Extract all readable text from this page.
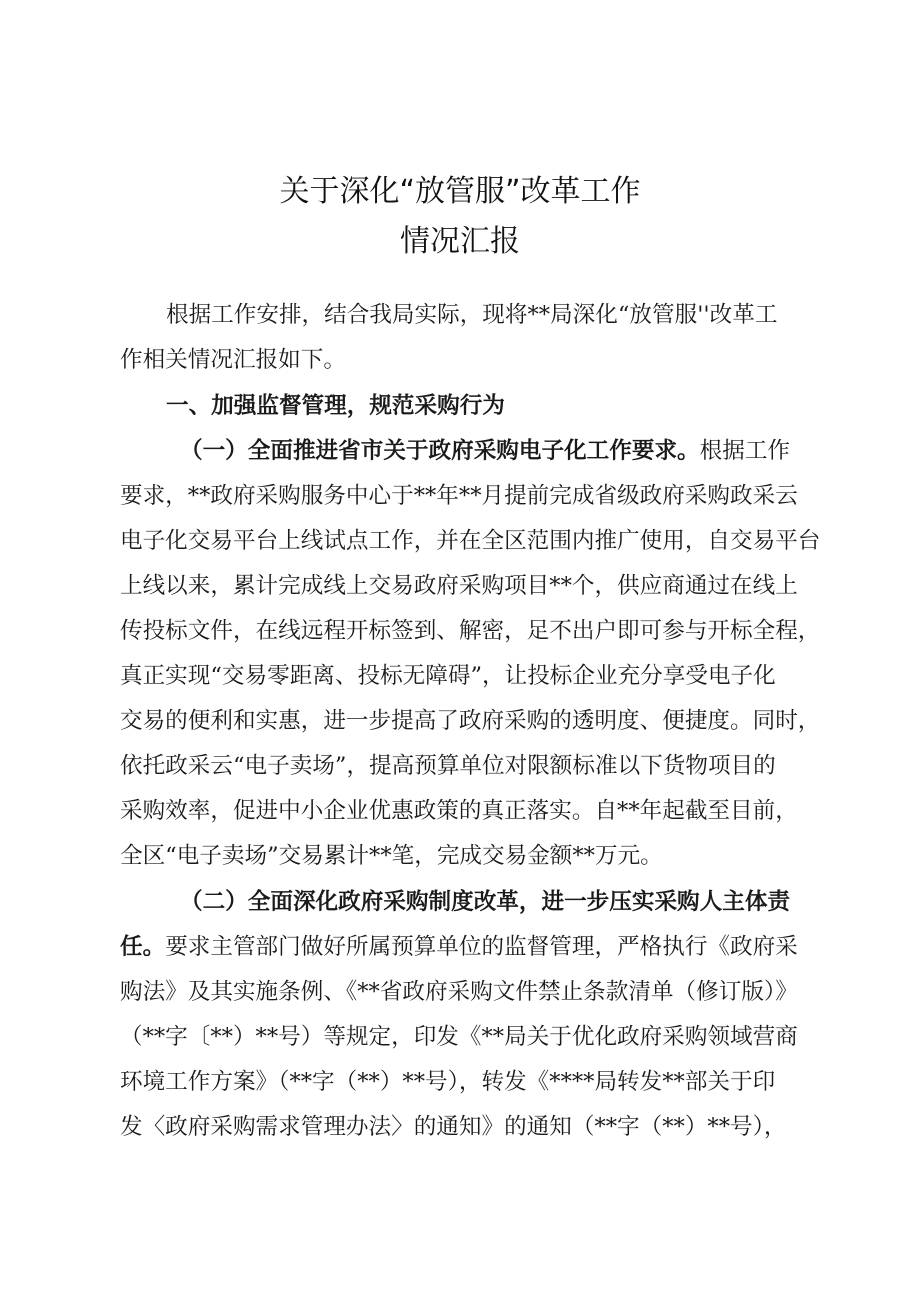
关于深化“放管服”改革工作
情况汇报
根据工作安排，结合我局实际，现将**局深化“放管服''改革工
作相关情况汇报如下。
一、加强监督管理，规范采购行为
（一）全面推进省市关于政府采购电子化工作要求。根据工作
要求，**政府采购服务中心于**年**月提前完成省级政府采购政采云
电子化交易平台上线试点工作，并在全区范围内推广使用，自交易平台
上线以来，累计完成线上交易政府采购项目**个，供应商通过在线上
传投标文件，在线远程开标签到、解密，足不出户即可参与开标全程，
真正实现“交易零距离、投标无障碍”，让投标企业充分享受电子化
交易的便利和实惠，进一步提高了政府采购的透明度、便捷度。同时，
依托政采云“电子卖场”，提高预算单位对限额标准以下货物项目的
采购效率，促进中小企业优惠政策的真正落实。自**年起截至目前，
全区“电子卖场”交易累计**笔，完成交易金额**万元。
（二）全面深化政府采购制度改革，进一步压实采购人主体责
任。要求主管部门做好所属预算单位的监督管理，严格执行《政府采
购法》及其实施条例、《**省政府采购文件禁止条款清单（修订版）》
（**字〔**）**号）等规定，印发《**局关于优化政府采购领域营商
环境工作方案》（**字（**）**号），转发《****局转发**部关于印
发〈政府采购需求管理办法〉的通知》的通知（**字（**）**号），
